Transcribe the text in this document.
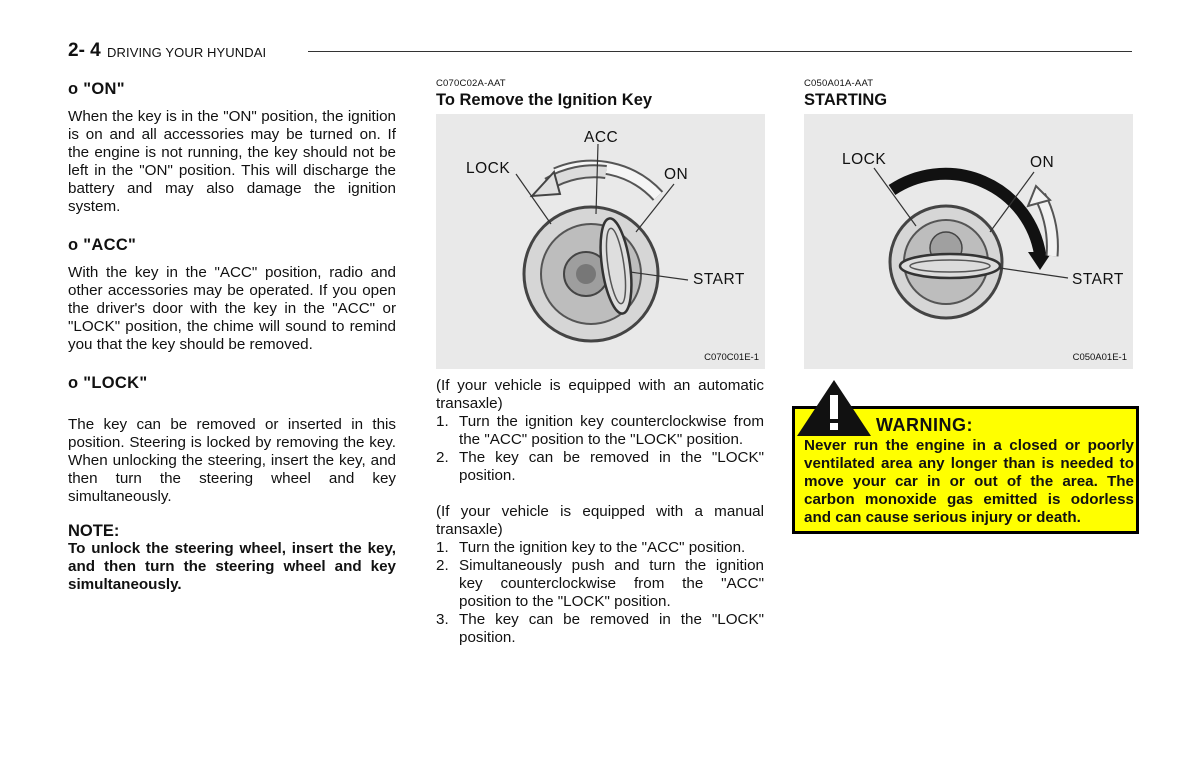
2- 4 DRIVING YOUR HYUNDAI
o "ON"

When the key is in the "ON" position, the ignition is on and all accessories may be turned on. If the engine is not running, the key should not be left in the "ON" position. This will discharge the battery and may also damage the ignition system.

o "ACC"

With the key in the "ACC" position, radio and other accessories may be operated. If you open the driver's door with the key in the "ACC" or "LOCK" position, the chime will sound to remind you that the key should be removed.

o "LOCK"

The key can be removed or inserted in this position. Steering is locked by removing the key. When unlocking the steering, insert the key, and then turn the steering wheel and key simultaneously.

NOTE:

To unlock the steering wheel, insert the key, and then turn the steering wheel and key simultaneously.

C070C02A-AAT
To Remove the Ignition Key
ACC
LOCK	ON
START
C070C01E-1

(If your vehicle is equipped with an automatic transaxle)

1. Turn the ignition key counterclockwise from the "ACC" position to the "LOCK" position.
2. The key can be removed in the "LOCK" position.

(If your vehicle is equipped with a manual transaxle)

1. Turn the ignition key to the "ACC" position.
2. Simultaneously push and turn the ignition key counterclockwise from the "ACC" position to the "LOCK" position.
3. The key can be removed in the "LOCK" position.
C050A01A-AAT
STARTING
LOCK	ON
START
C050A01E-1
WARNING:
Never run the engine in a closed or poorly ventilated area any longer than is needed to move your car in or out of the area. The carbon monoxide gas emitted is odorless and can cause serious injury or death.
